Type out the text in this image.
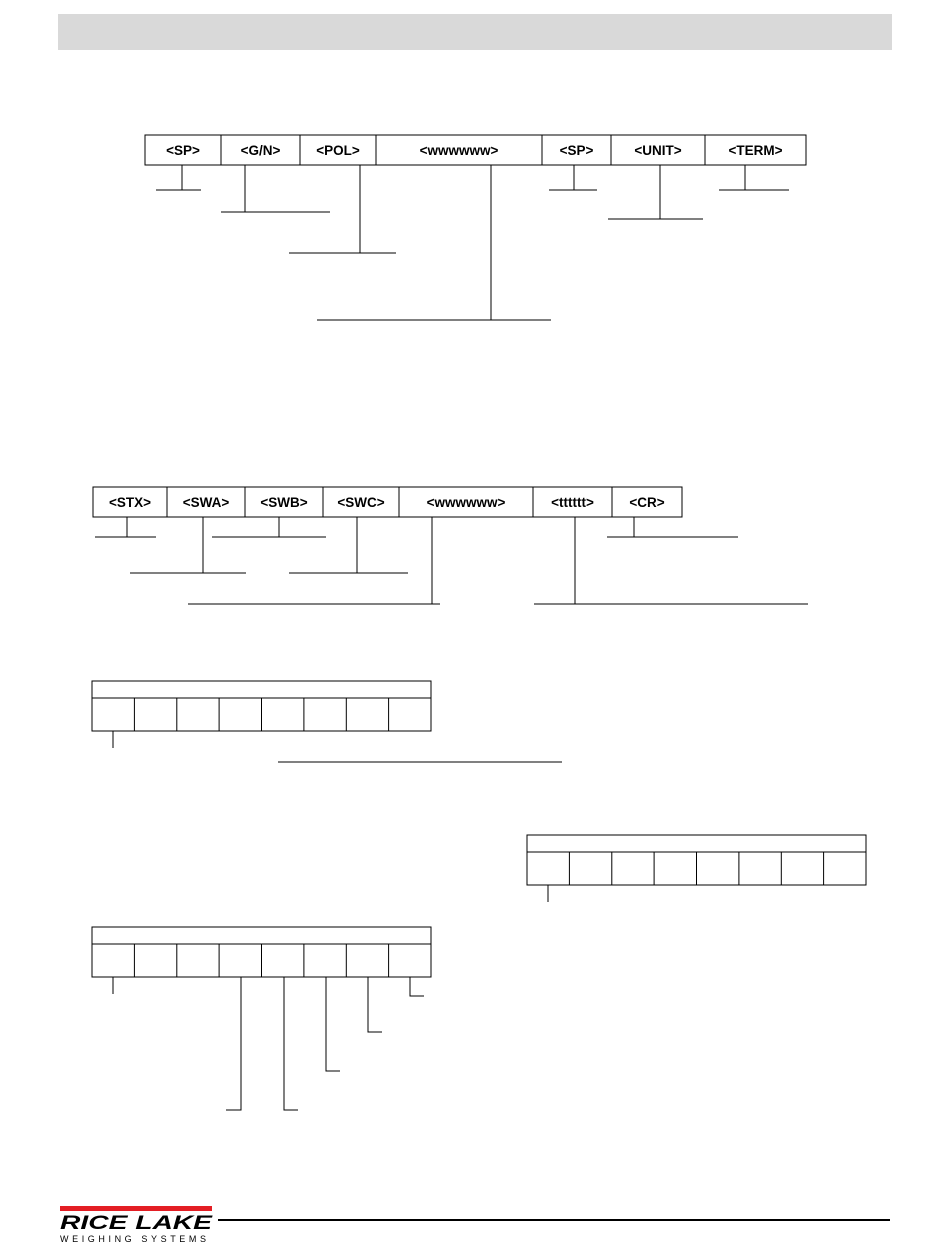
<SP>	<G/N>	<POL>	<wwwwww>	<SP>	<UNIT>	<TERM>
<STX> <SWA> <SWB> <SWC>	<wwwwww>	<tttttt>	<CR>
RICE LAKE
WEIGHING SYSTEMS
